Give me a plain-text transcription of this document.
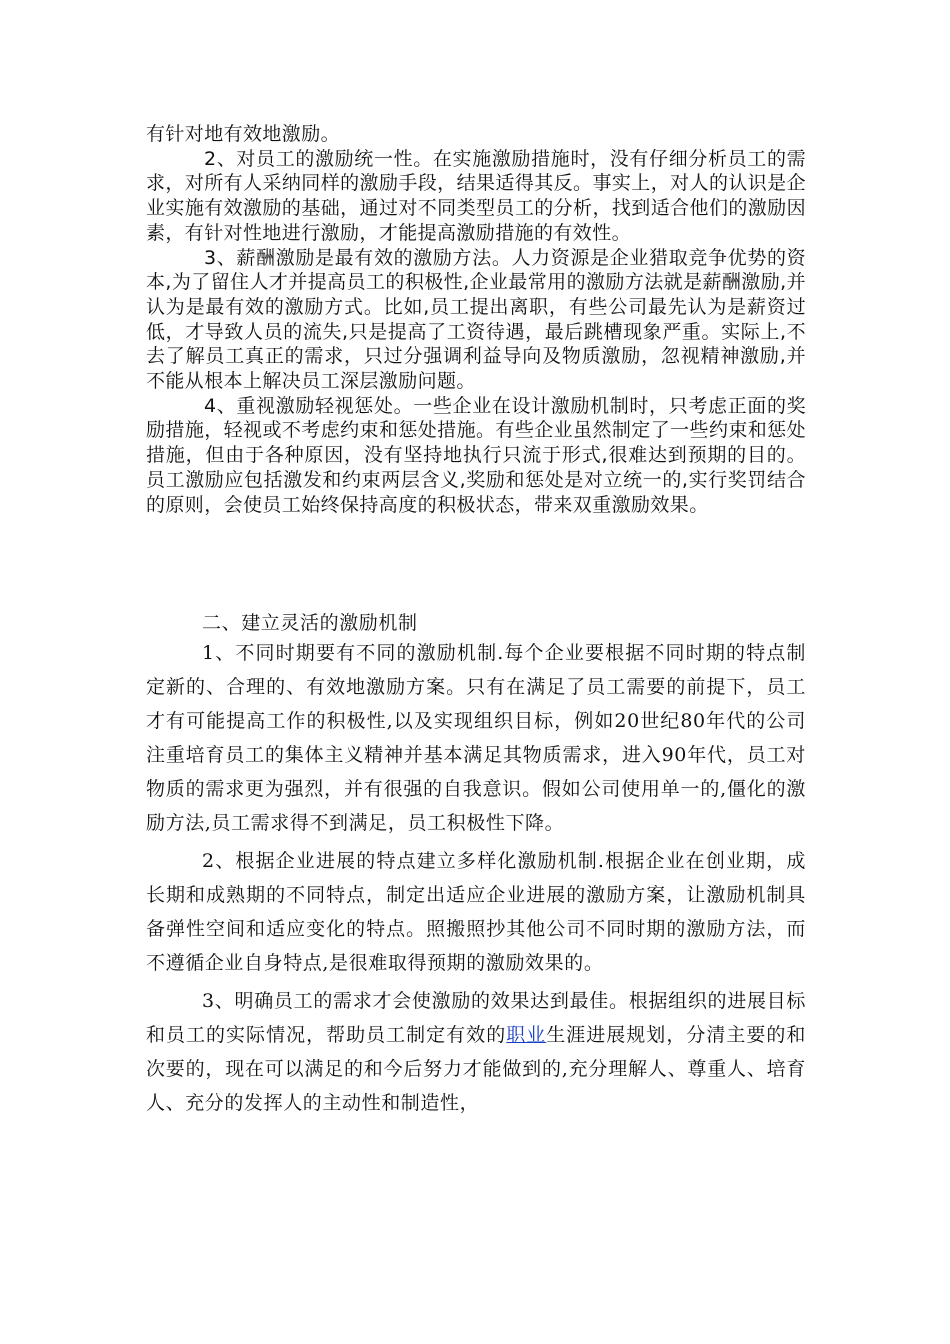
有针对地有效地激励。

2、对员工的激励统一性。在实施激励措施时，没有仔细分析员工的需求，对所有人采纳同样的激励手段，结果适得其反。事实上，对人的认识是企业实施有效激励的基础，通过对不同类型员工的分析，找到适合他们的激励因素，有针对性地进行激励，才能提高激励措施的有效性。

3、薪酬激励是最有效的激励方法。人力资源是企业猎取竞争优势的资本,为了留住人才并提高员工的积极性,企业最常用的激励方法就是薪酬激励,并认为是最有效的激励方式。比如,员工提出离职，有些公司最先认为是薪资过低，才导致人员的流失,只是提高了工资待遇，最后跳槽现象严重。实际上,不去了解员工真正的需求，只过分强调利益导向及物质激励，忽视精神激励,并不能从根本上解决员工深层激励问题。

4、重视激励轻视惩处。一些企业在设计激励机制时，只考虑正面的奖励措施，轻视或不考虑约束和惩处措施。有些企业虽然制定了一些约束和惩处措施，但由于各种原因，没有坚持地执行只流于形式,很难达到预期的目的。员工激励应包括激发和约束两层含义,奖励和惩处是对立统一的,实行奖罚结合的原则，会使员工始终保持高度的积极状态，带来双重激励效果。

二、建立灵活的激励机制

1、不同时期要有不同的激励机制.每个企业要根据不同时期的特点制定新的、合理的、有效地激励方案。只有在满足了员工需要的前提下，员工才有可能提高工作的积极性,以及实现组织目标，例如20世纪80年代的公司注重培育员工的集体主义精神并基本满足其物质需求，进入90年代，员工对物质的需求更为强烈，并有很强的自我意识。假如公司使用单一的,僵化的激励方法,员工需求得不到满足，员工积极性下降。

2、根据企业进展的特点建立多样化激励机制.根据企业在创业期，成长期和成熟期的不同特点，制定出适应企业进展的激励方案，让激励机制具备弹性空间和适应变化的特点。照搬照抄其他公司不同时期的激励方法，而不遵循企业自身特点,是很难取得预期的激励效果的。

3、明确员工的需求才会使激励的效果达到最佳。根据组织的进展目标和员工的实际情况，帮助员工制定有效的职业生涯进展规划，分清主要的和次要的，现在可以满足的和今后努力才能做到的,充分理解人、尊重人、培育人、充分的发挥人的主动性和制造性，
